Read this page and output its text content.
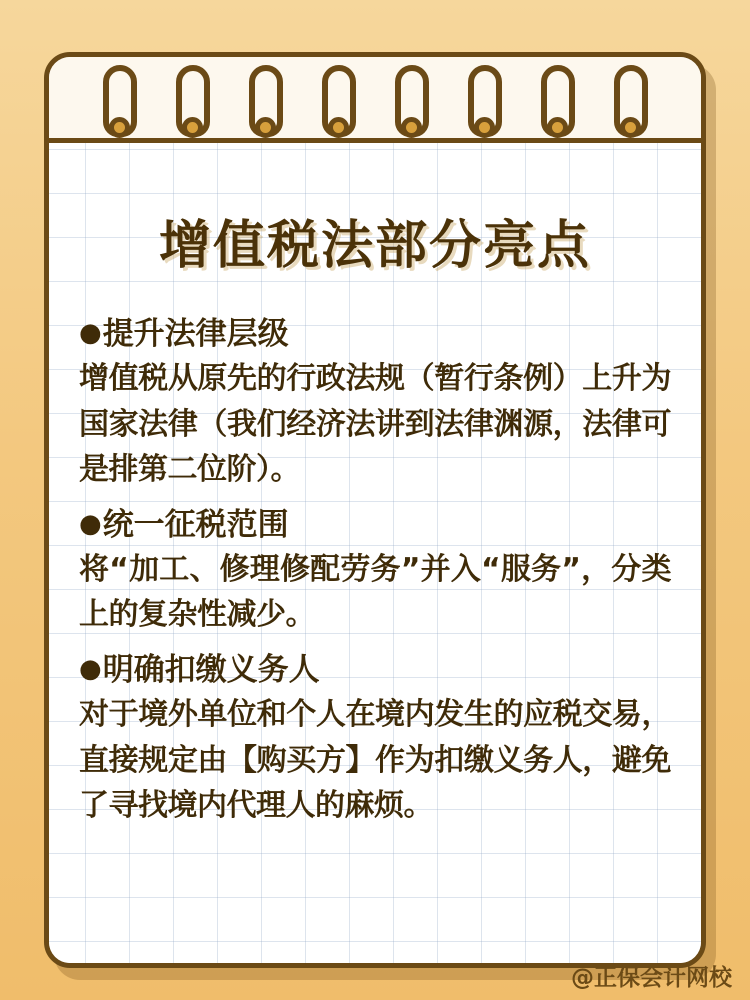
增值税法部分亮点
●提升法律层级
增值税从原先的行政法规（暂行条例）上升为国家法律（我们经济法讲到法律渊源，法律可是排第二位阶）。
●统一征税范围
将“加工、修理修配劳务”并入“服务”，分类上的复杂性减少。
●明确扣缴义务人
对于境外单位和个人在境内发生的应税交易，直接规定由【购买方】作为扣缴义务人，避免了寻找境内代理人的麻烦。
@正保会计网校
